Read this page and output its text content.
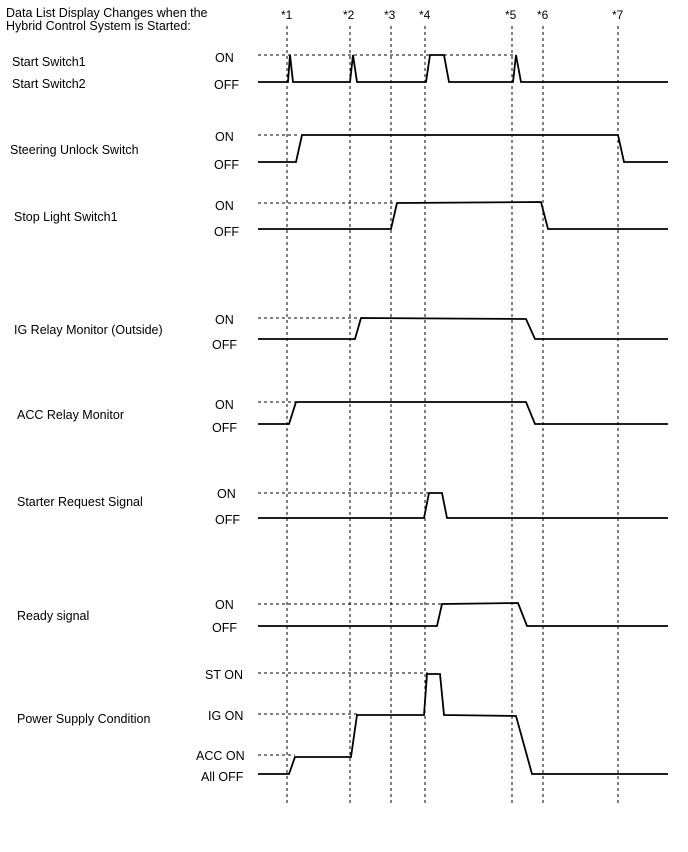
Data List Display Changes when the
Hybrid Control System is Started:
*1	*2 *3 *4	*5 *6	*7
Start Switch1
Start Switch2
ON
OFF
Steering Unlock Switch
ON
OFF
Stop Light Switch1
ON
OFF
IG Relay Monitor (Outside)
ON
OFF
ACC Relay Monitor
ON
OFF
Starter Request Signal
ON
OFF
Ready signal
ON
OFF
Power Supply Condition
ST ON
IG ON
ACC ON
All OFF
